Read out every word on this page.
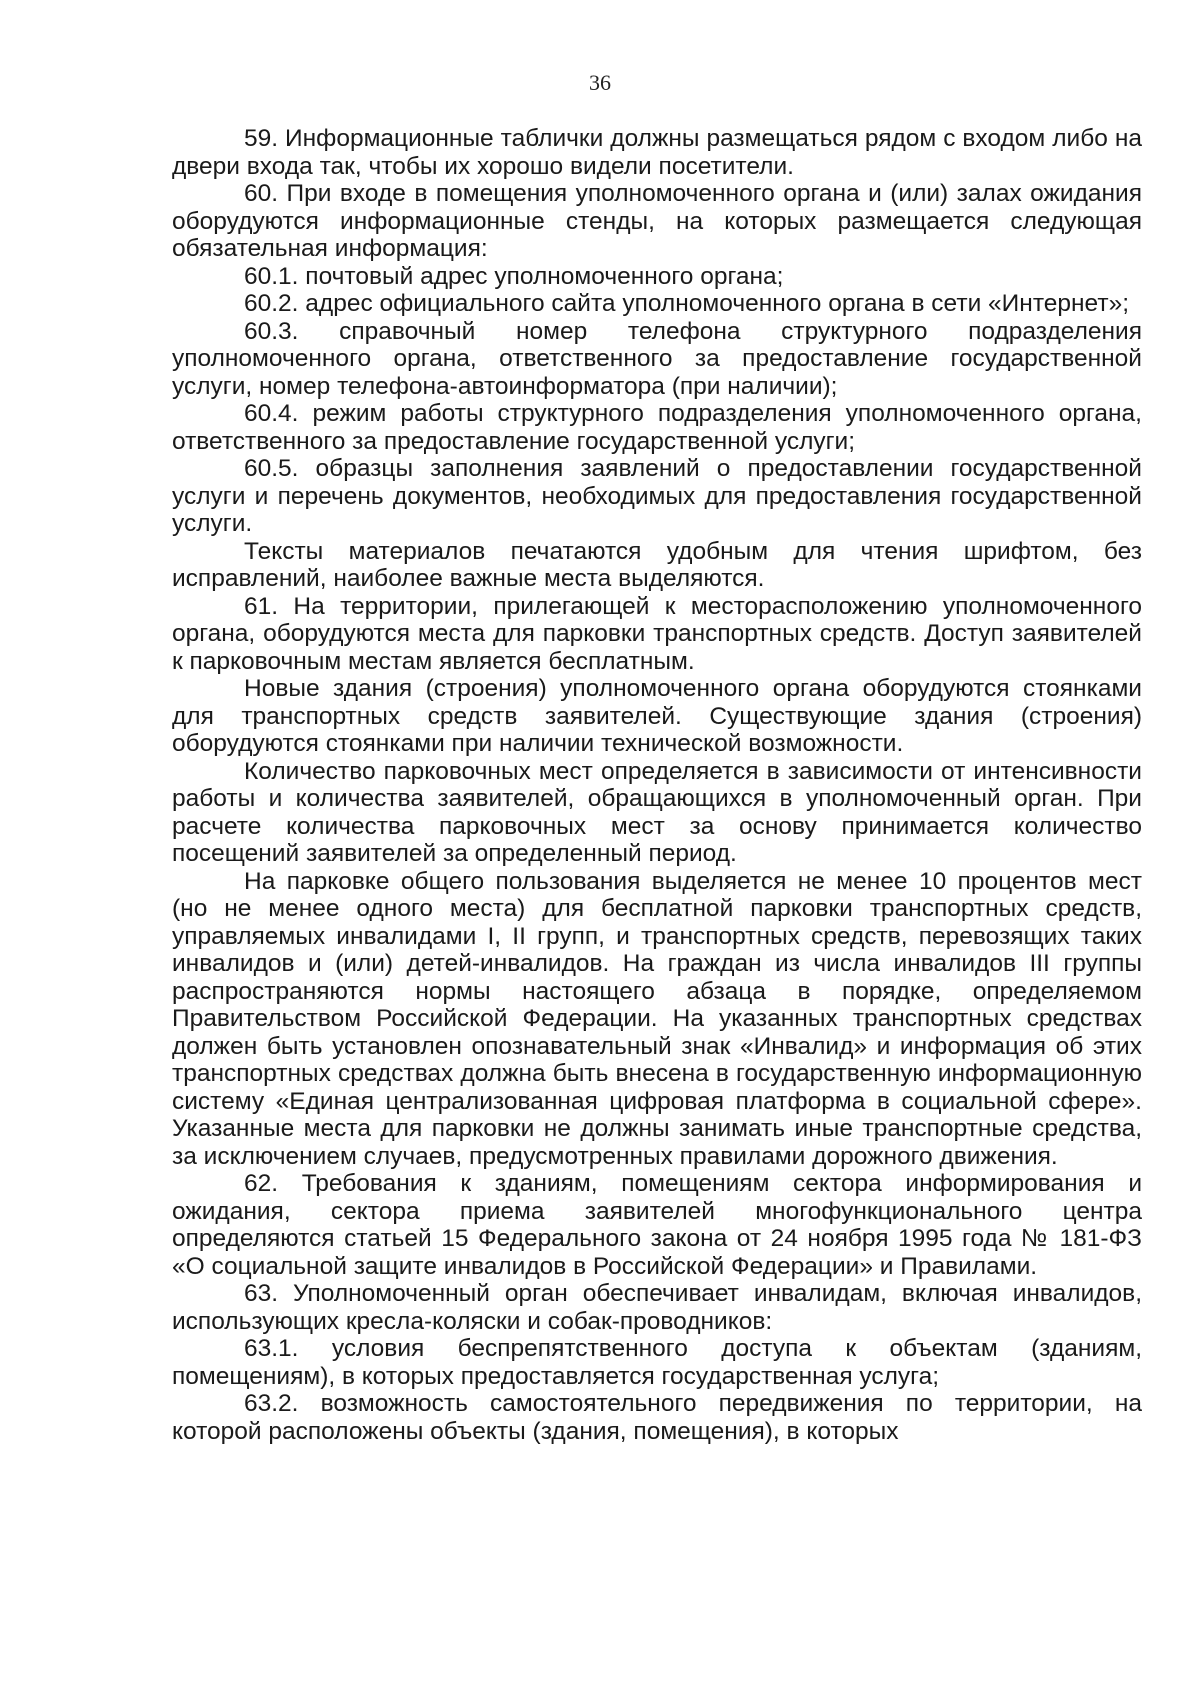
36

59. Информационные таблички должны размещаться рядом с входом либо на двери входа так, чтобы их хорошо видели посетители.

60. При входе в помещения уполномоченного органа и (или) залах ожидания оборудуются информационные стенды, на которых размещается следующая обязательная информация:

60.1. почтовый адрес уполномоченного органа;

60.2. адрес официального сайта уполномоченного органа в сети «Интернет»;

60.3. справочный номер телефона структурного подразделения уполномоченного органа, ответственного за предоставление государственной услуги, номер телефона-автоинформатора (при наличии);

60.4. режим работы структурного подразделения уполномоченного органа, ответственного за предоставление государственной услуги;

60.5. образцы заполнения заявлений о предоставлении государственной услуги и перечень документов, необходимых для предоставления государственной услуги.

Тексты материалов печатаются удобным для чтения шрифтом, без исправлений, наиболее важные места выделяются.

61. На территории, прилегающей к месторасположению уполномоченного органа, оборудуются места для парковки транспортных средств. Доступ заявителей к парковочным местам является бесплатным.

Новые здания (строения) уполномоченного органа оборудуются стоянками для транспортных средств заявителей. Существующие здания (строения) оборудуются стоянками при наличии технической возможности.

Количество парковочных мест определяется в зависимости от интенсивности работы и количества заявителей, обращающихся в уполномоченный орган. При расчете количества парковочных мест за основу принимается количество посещений заявителей за определенный период.

На парковке общего пользования выделяется не менее 10 процентов мест (но не менее одного места) для бесплатной парковки транспортных средств, управляемых инвалидами I, II групп, и транспортных средств, перевозящих таких инвалидов и (или) детей-инвалидов. На граждан из числа инвалидов III группы распространяются нормы настоящего абзаца в порядке, определяемом Правительством Российской Федерации. На указанных транспортных средствах должен быть установлен опознавательный знак «Инвалид» и информация об этих транспортных средствах должна быть внесена в государственную информационную систему «Единая централизованная цифровая платформа в социальной сфере». Указанные места для парковки не должны занимать иные транспортные средства, за исключением случаев, предусмотренных правилами дорожного движения.

62. Требования к зданиям, помещениям сектора информирования и ожидания, сектора приема заявителей многофункционального центра определяются статьей 15 Федерального закона от 24 ноября 1995 года № 181-ФЗ «О социальной защите инвалидов в Российской Федерации» и Правилами.

63. Уполномоченный орган обеспечивает инвалидам, включая инвалидов, использующих кресла-коляски и собак-проводников:

63.1. условия беспрепятственного доступа к объектам (зданиям, помещениям), в которых предоставляется государственная услуга;

63.2. возможность самостоятельного передвижения по территории, на которой расположены объекты (здания, помещения), в которых
